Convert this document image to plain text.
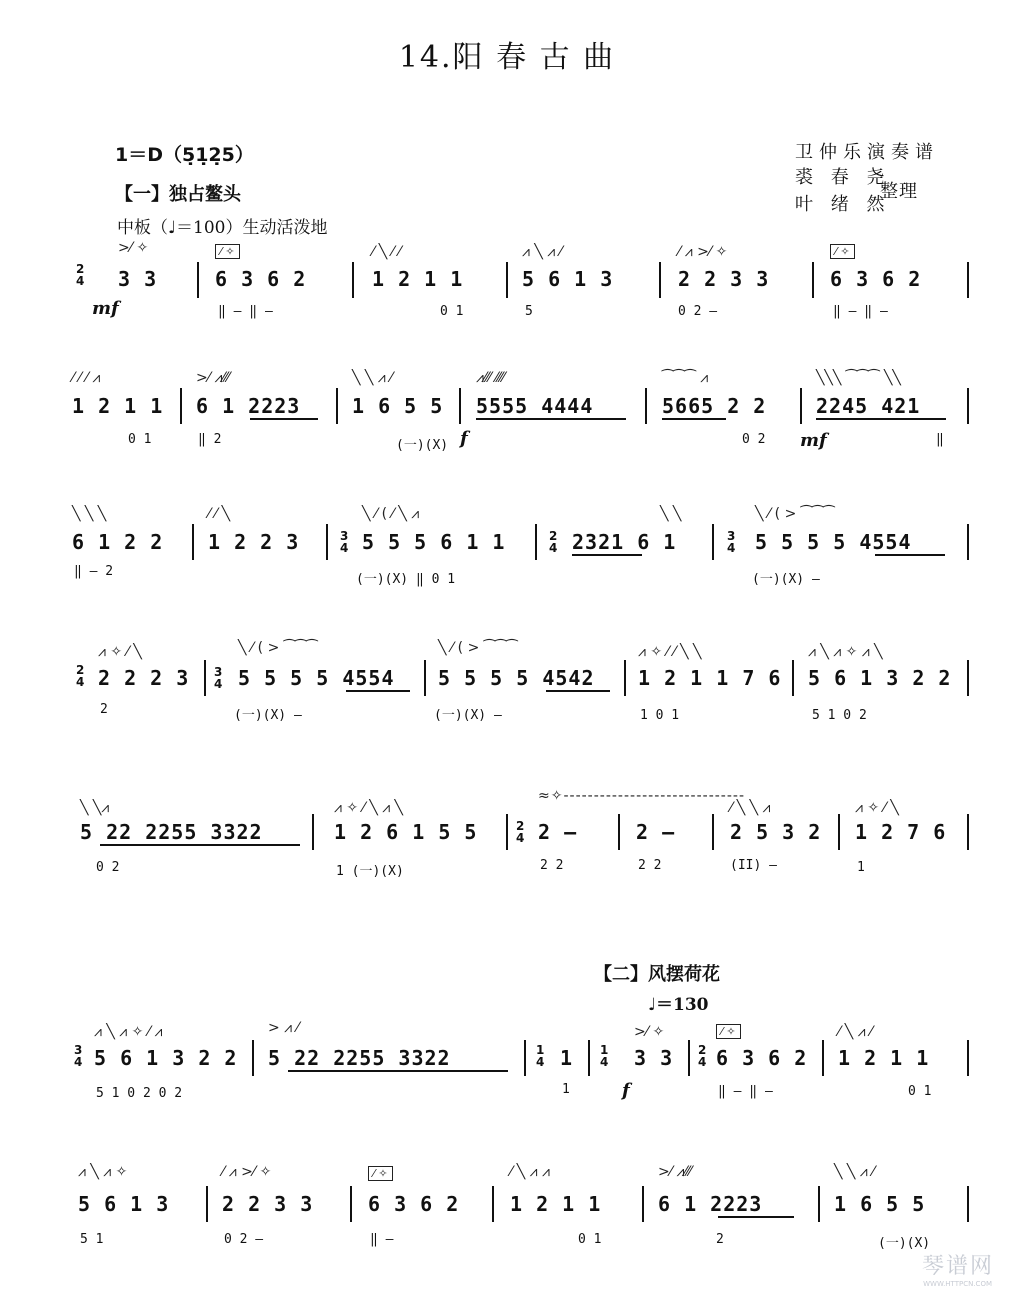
14.阳 春 古 曲
1＝D（5̣1̣2̣5）	卫仲乐演奏谱
裘 春 尧
叶 绪 然
整理
【一】独占鳌头
中板（♩＝100）生动活泼地
2
4
>⁄ ✧
3 3
mf
⁄ ✧
6 3 6 2
‖ – ‖ –
⁄ ╲ ⁄ ⁄
1 2 1 1
0 1
⩘ ╲ ⩘ ⁄
5 6 1 3
5
⁄ ⩘ >⁄ ✧
2 2 3 3
0 2 –
⁄ ✧
6 3 6 2
‖ – ‖ –
⁄ ⁄ ⁄ ⩘
1 2 1 1
0 1
>⁄ ⩘⁄⁄⁄
6 1 2223
‖ 2
╲ ╲ ⩘ ⁄
1 6 5 5
(一)(X) f
⩘⁄⁄⁄ ⁄⁄⁄⁄
5555 4444
⁀⁀⁀ ⩘
5665 2 2
0 2 mf
╲╲╲ ⁀⁀⁀ ╲╲
2245 421
‖
╲ ╲ ╲
6 1 2 2
‖ – 2
⁄ ⁄ ╲
1 2 2 3	3
4
╲ ⁄ ( ⁄ ╲ ⩘
5 5 5 6 1 1
(一)(X) ‖ 0 1
2
4 2321 6 1
╲ ╲
3
4
╲ ⁄ ( > ⁀⁀⁀
5 5 5 5 4554
(一)(X) –
2
4
⩘ ✧ ⁄ ╲
2 2 2 3
2
3
4
╲ ⁄ ( > ⁀⁀⁀
5 5 5 5 4554
(一)(X) –
╲ ⁄ ( > ⁀⁀⁀
5 5 5 5 4542
(一)(X) –
⩘ ✧ ⁄ ⁄ ╲ ╲
1 2 1 1 7 6
1 0 1
⩘ ╲ ⩘ ✧ ⩘ ╲
5 6 1 3 2 2
5 1 0 2
╲ ╲⩘
5 22 2255 3322
0 2
⩘ ✧ ⁄ ╲ ⩘ ╲
1 2 6 1 5 5
1 (一)(X)
≈✧------------------------------
2
4 2 –
2 2
2 –
2 2
⁄ ╲ ╲ ⩘
2 5 3 2
(II) –
⩘ ✧ ⁄ ╲
1 2 7 6
1
【二】风摆荷花
♩＝130
3
4
⩘ ╲ ⩘ ✧ ⁄ ⩘
5 6 1 3 2 2
5 1 0 2 0 2
> ⩘ ⁄
5 22 2255 3322	1
4 1
1
1
4
>⁄ ✧
3 3
f
2
4
⁄ ✧
6 3 6 2
‖ – ‖ –
⁄ ╲ ⩘ ⁄
1 2 1 1
0 1
⩘ ╲ ⩘ ✧
5 6 1 3
5 1
⁄ ⩘ >⁄ ✧
2 2 3 3
0 2 –
⁄ ✧
6 3 6 2
‖ –
⁄ ╲ ⩘ ⩘
1 2 1 1
0 1
>⁄ ⩘⁄⁄⁄
6 1 2223
2
╲ ╲ ⩘ ⁄
1 6 5 5
(一)(X)
琴谱网
WWW.HTTPCN.COM
